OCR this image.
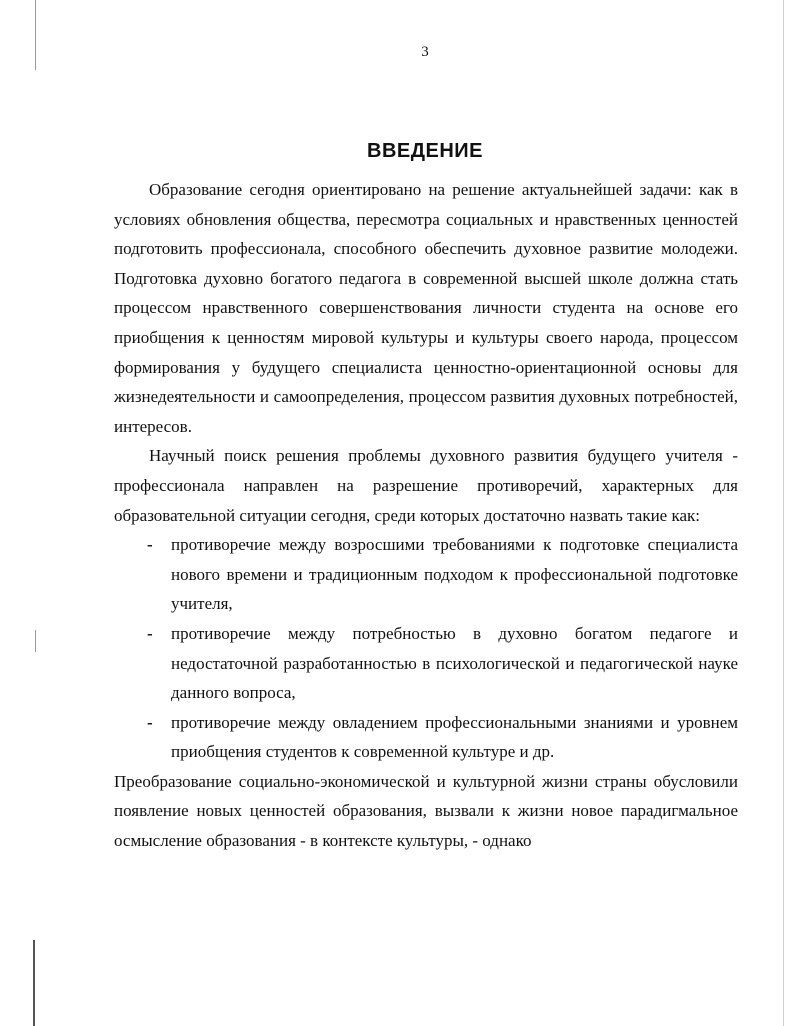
3
ВВЕДЕНИЕ

Образование сегодня ориентировано на решение актуальнейшей задачи: как в условиях обновления общества, пересмотра социальных и нравственных ценностей подготовить профессионала, способного обеспечить духовное развитие молодежи. Подготовка духовно богатого педагога в современной высшей школе должна стать процессом нравственного совершенствования личности студента на основе его приобщения к ценностям мировой культуры и культуры своего народа, процессом формирования у будущего специалиста ценностно-ориентационной основы для жизнедеятельности и самоопределения, процессом развития духовных потребностей, интересов.

Научный поиск решения проблемы духовного развития будущего учителя - профессионала направлен на разрешение противоречий, характерных для образовательной ситуации сегодня, среди которых достаточно назвать такие как:

- противоречие между возросшими требованиями к подготовке специалиста нового времени и традиционным подходом к профессиональной подготовке учителя,
- противоречие между потребностью в духовно богатом педагоге и недостаточной разработанностью в психологической и педагогической науке данного вопроса,
- противоречие между овладением профессиональными знаниями и уровнем приобщения студентов к современной культуре и др.

Преобразование социально-экономической и культурной жизни страны обусловили появление новых ценностей образования, вызвали к жизни новое парадигмальное осмысление образования - в контексте культуры, - однако
